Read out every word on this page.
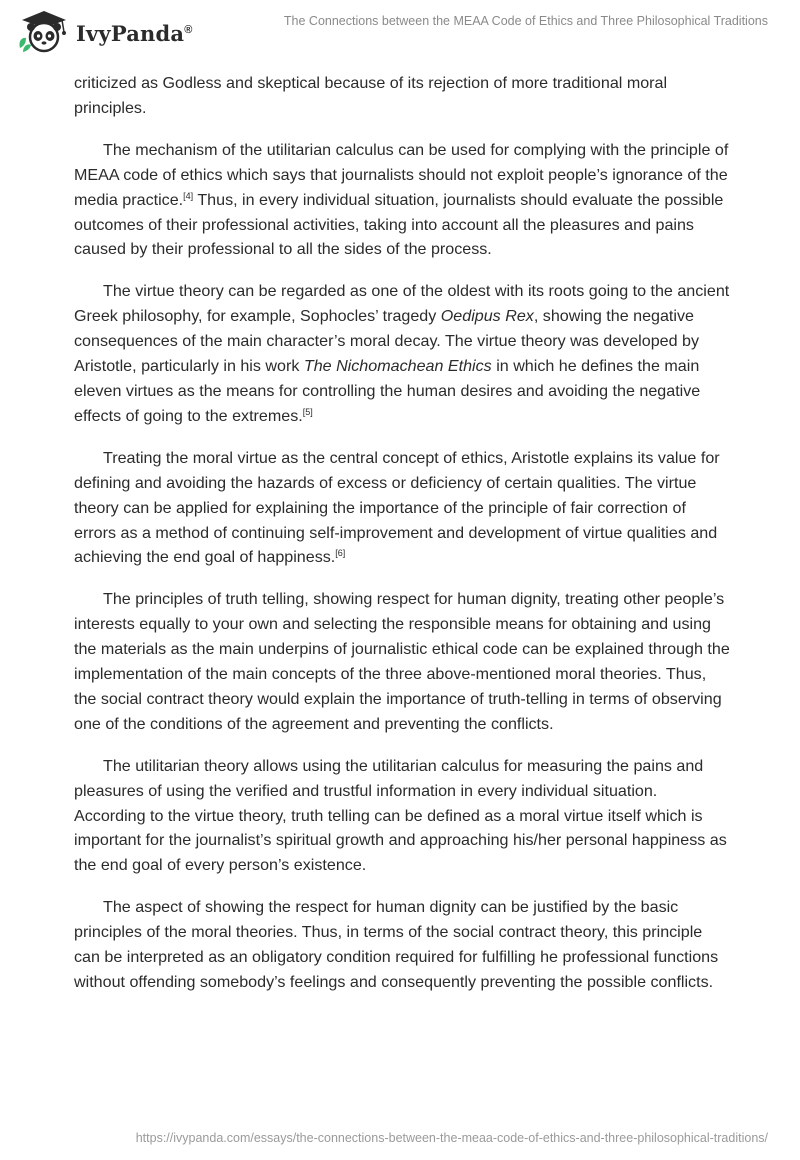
IvyPanda®
The Connections between the MEAA Code of Ethics and Three Philosophical Traditions

criticized as Godless and skeptical because of its rejection of more traditional moral principles.

The mechanism of the utilitarian calculus can be used for complying with the principle of MEAA code of ethics which says that journalists should not exploit people’s ignorance of the media practice.[4] Thus, in every individual situation, journalists should evaluate the possible outcomes of their professional activities, taking into account all the pleasures and pains caused by their professional to all the sides of the process.

The virtue theory can be regarded as one of the oldest with its roots going to the ancient Greek philosophy, for example, Sophocles’ tragedy Oedipus Rex, showing the negative consequences of the main character’s moral decay. The virtue theory was developed by Aristotle, particularly in his work The Nichomachean Ethics in which he defines the main eleven virtues as the means for controlling the human desires and avoiding the negative effects of going to the extremes.[5]

Treating the moral virtue as the central concept of ethics, Aristotle explains its value for defining and avoiding the hazards of excess or deficiency of certain qualities. The virtue theory can be applied for explaining the importance of the principle of fair correction of errors as a method of continuing self-improvement and development of virtue qualities and achieving the end goal of happiness.[6]

The principles of truth telling, showing respect for human dignity, treating other people’s interests equally to your own and selecting the responsible means for obtaining and using the materials as the main underpins of journalistic ethical code can be explained through the implementation of the main concepts of the three above-mentioned moral theories. Thus, the social contract theory would explain the importance of truth-telling in terms of observing one of the conditions of the agreement and preventing the conflicts.

The utilitarian theory allows using the utilitarian calculus for measuring the pains and pleasures of using the verified and trustful information in every individual situation. According to the virtue theory, truth telling can be defined as a moral virtue itself which is important for the journalist’s spiritual growth and approaching his/her personal happiness as the end goal of every person’s existence.

The aspect of showing the respect for human dignity can be justified by the basic principles of the moral theories. Thus, in terms of the social contract theory, this principle can be interpreted as an obligatory condition required for fulfilling he professional functions without offending somebody’s feelings and consequently preventing the possible conflicts.

https://ivypanda.com/essays/the-connections-between-the-meaa-code-of-ethics-and-three-philosophical-traditions/
